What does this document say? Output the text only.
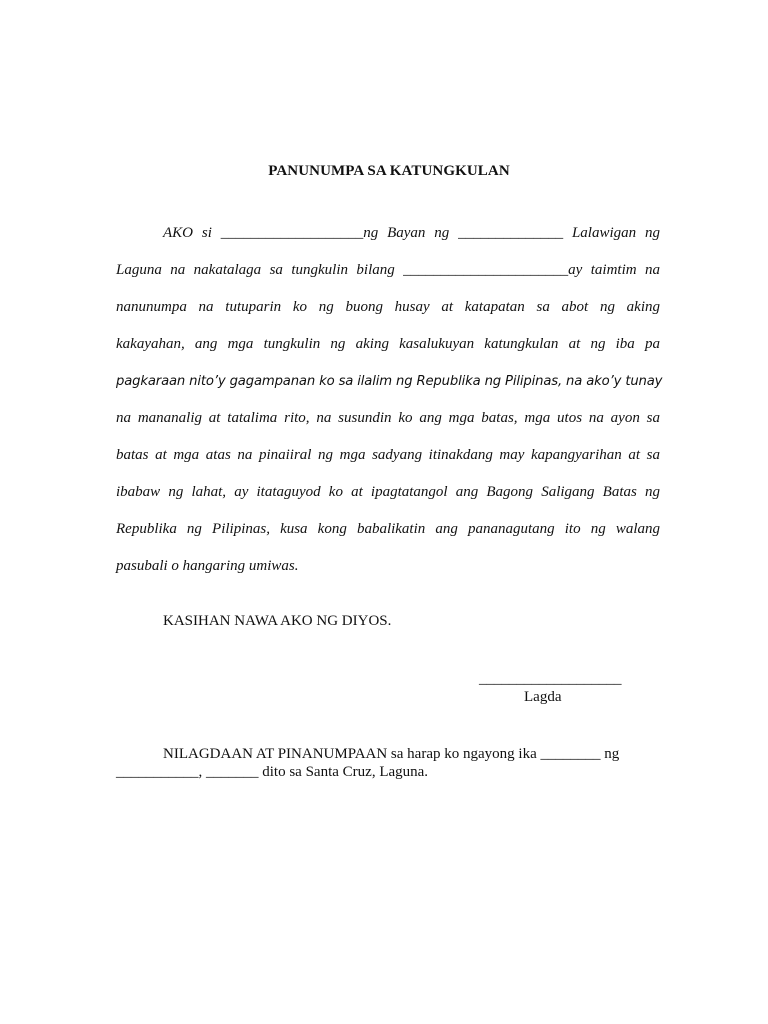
PANUNUMPA SA KATUNGKULAN
AKO si ___________________ng Bayan ng ______________ Lalawigan ng
Laguna na nakatalaga sa tungkulin bilang ______________________ay taimtim na
nanunumpa na tutuparin ko ng buong husay at katapatan sa abot ng aking
kakayahan, ang mga tungkulin ng aking kasalukuyan katungkulan at ng iba pa
pagkaraan nito’y gagampanan ko sa ilalim ng Republika ng Pilipinas, na ako’y tunay
na mananalig at tatalima rito, na susundin ko ang mga batas, mga utos na ayon sa
batas at mga atas na pinaiiral ng mga sadyang itinakdang may kapangyarihan at sa
ibabaw ng lahat, ay itataguyod ko at ipagtatangol ang Bagong Saligang Batas ng
Republika ng Pilipinas, kusa kong babalikatin ang pananagutang ito ng walang
pasubali o hangaring umiwas.
KASIHAN NAWA AKO NG DIYOS.
___________________
Lagda
NILAGDAAN AT PINANUMPAAN sa harap ko ngayong ika ________ ng
___________, _______ dito sa Santa Cruz, Laguna.
